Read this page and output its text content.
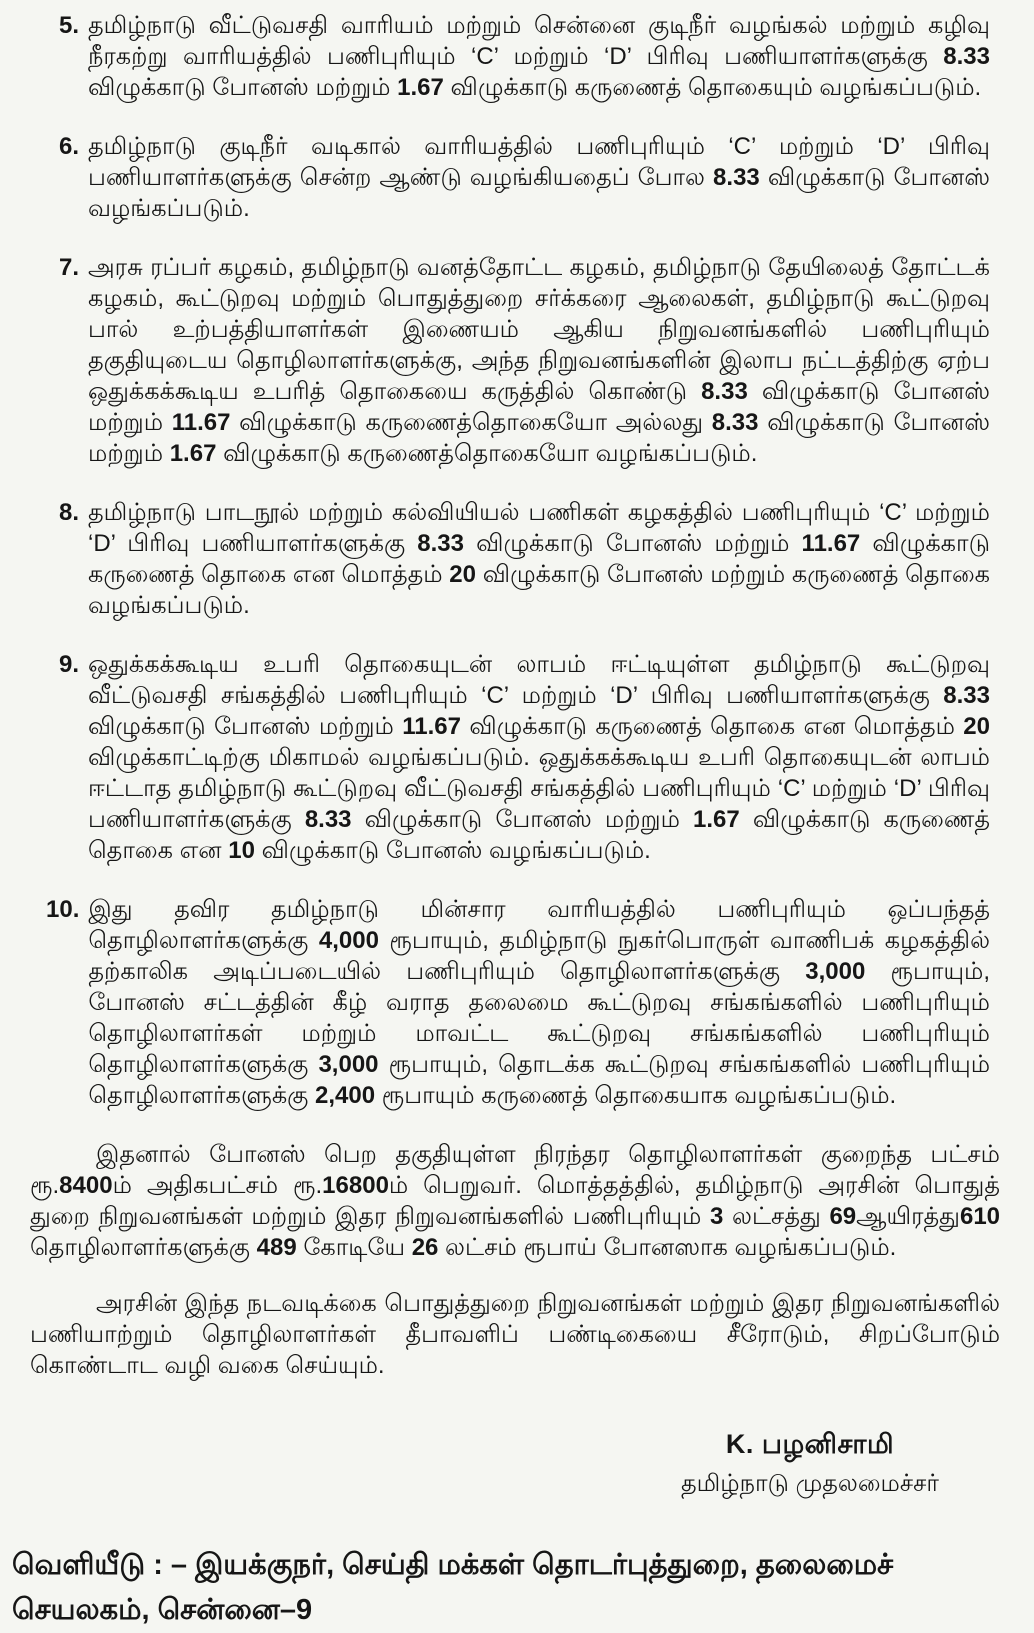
5. தமிழ்நாடு வீட்டுவசதி வாரியம் மற்றும் சென்னை குடிநீர் வழங்கல் மற்றும் கழிவு நீரகற்று வாரியத்தில் பணிபுரியும் ‘C’ மற்றும் ‘D’ பிரிவு பணியாளர்களுக்கு 8.33 விழுக்காடு போனஸ் மற்றும் 1.67 விழுக்காடு கருணைத் தொகையும் வழங்கப்படும்.
6. தமிழ்நாடு குடிநீர் வடிகால் வாரியத்தில் பணிபுரியும் ‘C’ மற்றும் ‘D’ பிரிவு பணியாளர்களுக்கு சென்ற ஆண்டு வழங்கியதைப் போல 8.33 விழுக்காடு போனஸ் வழங்கப்படும்.
7. அரசு ரப்பர் கழகம், தமிழ்நாடு வனத்தோட்ட கழகம், தமிழ்நாடு தேயிலைத் தோட்டக் கழகம், கூட்டுறவு மற்றும் பொதுத்துறை சர்க்கரை ஆலைகள், தமிழ்நாடு கூட்டுறவு பால் உற்பத்தியாளர்கள் இணையம் ஆகிய நிறுவனங்களில் பணிபுரியும் தகுதியுடைய தொழிலாளர்களுக்கு, அந்த நிறுவனங்களின் இலாப நட்டத்திற்கு ஏற்ப ஒதுக்கக்கூடிய உபரித் தொகையை கருத்தில் கொண்டு 8.33 விழுக்காடு போனஸ் மற்றும் 11.67 விழுக்காடு கருணைத்தொகையோ அல்லது 8.33 விழுக்காடு போனஸ் மற்றும் 1.67 விழுக்காடு கருணைத்தொகையோ வழங்கப்படும்.
8. தமிழ்நாடு பாடநூல் மற்றும் கல்வியியல் பணிகள் கழகத்தில் பணிபுரியும் ‘C’ மற்றும் ‘D’ பிரிவு பணியாளர்களுக்கு 8.33 விழுக்காடு போனஸ் மற்றும் 11.67 விழுக்காடு கருணைத் தொகை என மொத்தம் 20 விழுக்காடு போனஸ் மற்றும் கருணைத் தொகை வழங்கப்படும்.
9. ஒதுக்கக்கூடிய உபரி தொகையுடன் லாபம் ஈட்டியுள்ள தமிழ்நாடு கூட்டுறவு வீட்டுவசதி சங்கத்தில் பணிபுரியும் ‘C’ மற்றும் ‘D’ பிரிவு பணியாளர்களுக்கு 8.33 விழுக்காடு போனஸ் மற்றும் 11.67 விழுக்காடு கருணைத் தொகை என மொத்தம் 20 விழுக்காட்டிற்கு மிகாமல் வழங்கப்படும். ஒதுக்கக்கூடிய உபரி தொகையுடன் லாபம் ஈட்டாத தமிழ்நாடு கூட்டுறவு வீட்டுவசதி சங்கத்தில் பணிபுரியும் ‘C’ மற்றும் ‘D’ பிரிவு பணியாளர்களுக்கு 8.33 விழுக்காடு போனஸ் மற்றும் 1.67 விழுக்காடு கருணைத் தொகை என 10 விழுக்காடு போனஸ் வழங்கப்படும்.
10. இது தவிர தமிழ்நாடு மின்சார வாரியத்தில் பணிபுரியும் ஒப்பந்தத் தொழிலாளர்களுக்கு 4,000 ரூபாயும், தமிழ்நாடு நுகர்பொருள் வாணிபக் கழகத்தில் தற்காலிக அடிப்படையில் பணிபுரியும் தொழிலாளர்களுக்கு 3,000 ரூபாயும், போனஸ் சட்டத்தின் கீழ் வராத தலைமை கூட்டுறவு சங்கங்களில் பணிபுரியும் தொழிலாளர்கள் மற்றும் மாவட்ட கூட்டுறவு சங்கங்களில் பணிபுரியும் தொழிலாளர்களுக்கு 3,000 ரூபாயும், தொடக்க கூட்டுறவு சங்கங்களில் பணிபுரியும் தொழிலாளர்களுக்கு 2,400 ரூபாயும் கருணைத் தொகையாக வழங்கப்படும்.

இதனால் போனஸ் பெற தகுதியுள்ள நிரந்தர தொழிலாளர்கள் குறைந்த பட்சம் ரூ.8400ம் அதிகபட்சம் ரூ.16800ம் பெறுவர். மொத்தத்தில், தமிழ்நாடு அரசின் பொதுத் துறை நிறுவனங்கள் மற்றும் இதர நிறுவனங்களில் பணிபுரியும் 3 லட்சத்து 69ஆயிரத்து610 தொழிலாளர்களுக்கு 489 கோடியே 26 லட்சம் ரூபாய் போனஸாக வழங்கப்படும்.

அரசின் இந்த நடவடிக்கை பொதுத்துறை நிறுவனங்கள் மற்றும் இதர நிறுவனங்களில் பணியாற்றும் தொழிலாளர்கள் தீபாவளிப் பண்டிகையை சீரோடும், சிறப்போடும் கொண்டாட வழி வகை செய்யும்.

K. பழனிசாமி
தமிழ்நாடு முதலமைச்சர்

வெளியீடு : – இயக்குநர், செய்தி மக்கள் தொடர்புத்துறை, தலைமைச் செயலகம், சென்னை–9
